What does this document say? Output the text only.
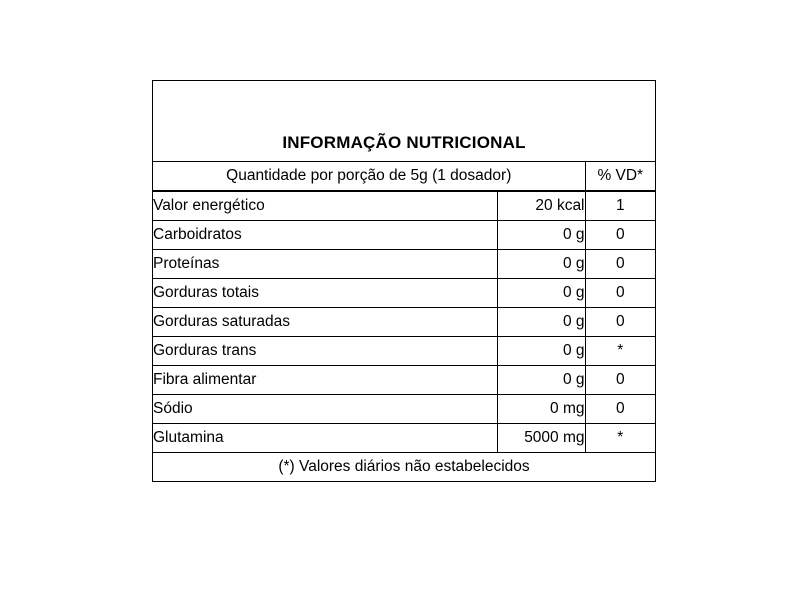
INFORMAÇÃO NUTRICIONAL
Quantidade por porção de 5g (1 dosador)		% VD*
Valor energético	20 kcal	1
Carboidratos	0 g	0
Proteínas	0 g	0
Gorduras totais	0 g	0
Gorduras saturadas	0 g	0
Gorduras trans	0 g	*
Fibra alimentar	0 g	0
Sódio	0 mg	0
Glutamina	5000 mg	*
(*) Valores diários não estabelecidos		
